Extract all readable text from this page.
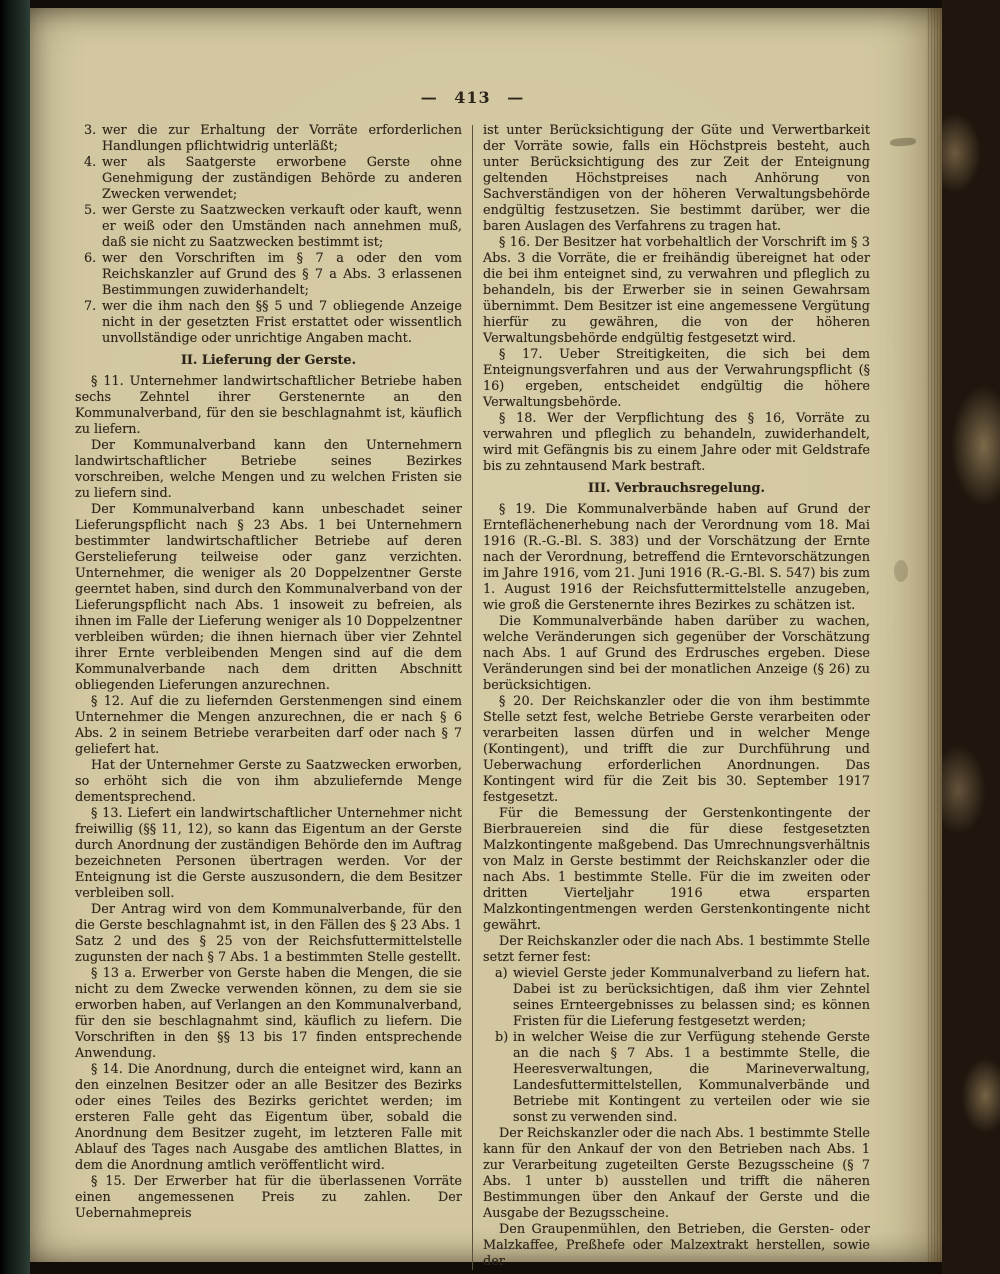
— 413 —
3. wer die zur Erhaltung der Vorräte erforderlichen Handlungen pflichtwidrig unterläßt;
4. wer als Saatgerste erworbene Gerste ohne Genehmigung der zuständigen Behörde zu anderen Zwecken verwendet;
5. wer Gerste zu Saatzwecken verkauft oder kauft, wenn er weiß oder den Umständen nach annehmen muß, daß sie nicht zu Saatzwecken bestimmt ist;
6. wer den Vorschriften im § 7 a oder den vom Reichskanzler auf Grund des § 7 a Abs. 3 erlassenen Bestimmungen zuwiderhandelt;
7. wer die ihm nach den §§ 5 und 7 obliegende Anzeige nicht in der gesetzten Frist erstattet oder wissentlich unvollständige oder unrichtige Angaben macht.
II. Lieferung der Gerste.

§ 11. Unternehmer landwirtschaftlicher Betriebe haben sechs Zehntel ihrer Gerstenernte an den Kommunalverband, für den sie beschlagnahmt ist, käuflich zu liefern.

Der Kommunalverband kann den Unternehmern landwirtschaftlicher Betriebe seines Bezirkes vorschreiben, welche Mengen und zu welchen Fristen sie zu liefern sind.

Der Kommunalverband kann unbeschadet seiner Lieferungspflicht nach § 23 Abs. 1 bei Unternehmern bestimmter landwirtschaftlicher Betriebe auf deren Gerstelieferung teilweise oder ganz verzichten. Unternehmer, die weniger als 20 Doppelzentner Gerste geerntet haben, sind durch den Kommunalverband von der Lieferungspflicht nach Abs. 1 insoweit zu befreien, als ihnen im Falle der Lieferung weniger als 10 Doppelzentner verbleiben würden; die ihnen hiernach über vier Zehntel ihrer Ernte verbleibenden Mengen sind auf die dem Kommunalverbande nach dem dritten Abschnitt obliegenden Lieferungen anzurechnen.

§ 12. Auf die zu liefernden Gerstenmengen sind einem Unternehmer die Mengen anzurechnen, die er nach § 6 Abs. 2 in seinem Betriebe verarbeiten darf oder nach § 7 geliefert hat.

Hat der Unternehmer Gerste zu Saatzwecken erworben, so erhöht sich die von ihm abzuliefernde Menge dementsprechend.

§ 13. Liefert ein landwirtschaftlicher Unternehmer nicht freiwillig (§§ 11, 12), so kann das Eigentum an der Gerste durch Anordnung der zuständigen Behörde den im Auftrag bezeichneten Personen übertragen werden. Vor der Enteignung ist die Gerste auszusondern, die dem Besitzer verbleiben soll.

Der Antrag wird von dem Kommunalverbande, für den die Gerste beschlagnahmt ist, in den Fällen des § 23 Abs. 1 Satz 2 und des § 25 von der Reichsfuttermittelstelle zugunsten der nach § 7 Abs. 1 a bestimmten Stelle gestellt.

§ 13 a. Erwerber von Gerste haben die Mengen, die sie nicht zu dem Zwecke verwenden können, zu dem sie sie erworben haben, auf Verlangen an den Kommunalverband, für den sie beschlagnahmt sind, käuflich zu liefern. Die Vorschriften in den §§ 13 bis 17 finden entsprechende Anwendung.

§ 14. Die Anordnung, durch die enteignet wird, kann an den einzelnen Besitzer oder an alle Besitzer des Bezirks oder eines Teiles des Bezirks gerichtet werden; im ersteren Falle geht das Eigentum über, sobald die Anordnung dem Besitzer zugeht, im letzteren Falle mit Ablauf des Tages nach Ausgabe des amtlichen Blattes, in dem die Anordnung amtlich veröffentlicht wird.

§ 15. Der Erwerber hat für die überlassenen Vorräte einen angemessenen Preis zu zahlen. Der Uebernahmepreis

ist unter Berücksichtigung der Güte und Verwertbarkeit der Vorräte sowie, falls ein Höchstpreis besteht, auch unter Berücksichtigung des zur Zeit der Enteignung geltenden Höchstpreises nach Anhörung von Sachverständigen von der höheren Verwaltungsbehörde endgültig festzusetzen. Sie bestimmt darüber, wer die baren Auslagen des Verfahrens zu tragen hat.

§ 16. Der Besitzer hat vorbehaltlich der Vorschrift im § 3 Abs. 3 die Vorräte, die er freihändig übereignet hat oder die bei ihm enteignet sind, zu verwahren und pfleglich zu behandeln, bis der Erwerber sie in seinen Gewahrsam übernimmt. Dem Besitzer ist eine angemessene Vergütung hierfür zu gewähren, die von der höheren Verwaltungsbehörde endgültig festgesetzt wird.

§ 17. Ueber Streitigkeiten, die sich bei dem Enteignungsverfahren und aus der Verwahrungspflicht (§ 16) ergeben, entscheidet endgültig die höhere Verwaltungsbehörde.

§ 18. Wer der Verpflichtung des § 16, Vorräte zu verwahren und pfleglich zu behandeln, zuwiderhandelt, wird mit Gefängnis bis zu einem Jahre oder mit Geldstrafe bis zu zehntausend Mark bestraft.

III. Verbrauchsregelung.

§ 19. Die Kommunalverbände haben auf Grund der Ernteflächenerhebung nach der Verordnung vom 18. Mai 1916 (R.-G.-Bl. S. 383) und der Vorschätzung der Ernte nach der Verordnung, betreffend die Erntevorschätzungen im Jahre 1916, vom 21. Juni 1916 (R.-G.-Bl. S. 547) bis zum 1. August 1916 der Reichsfuttermittelstelle anzugeben, wie groß die Gerstenernte ihres Bezirkes zu schätzen ist.

Die Kommunalverbände haben darüber zu wachen, welche Veränderungen sich gegenüber der Vorschätzung nach Abs. 1 auf Grund des Erdrusches ergeben. Diese Veränderungen sind bei der monatlichen Anzeige (§ 26) zu berücksichtigen.

§ 20. Der Reichskanzler oder die von ihm bestimmte Stelle setzt fest, welche Betriebe Gerste verarbeiten oder verarbeiten lassen dürfen und in welcher Menge (Kontingent), und trifft die zur Durchführung und Ueberwachung erforderlichen Anordnungen. Das Kontingent wird für die Zeit bis 30. September 1917 festgesetzt.

Für die Bemessung der Gerstenkontingente der Bierbrauereien sind die für diese festgesetzten Malzkontingente maßgebend. Das Umrechnungsverhältnis von Malz in Gerste bestimmt der Reichskanzler oder die nach Abs. 1 bestimmte Stelle. Für die im zweiten oder dritten Vierteljahr 1916 etwa ersparten Malzkontingentmengen werden Gerstenkontingente nicht gewährt.

Der Reichskanzler oder die nach Abs. 1 bestimmte Stelle setzt ferner fest:

a) wieviel Gerste jeder Kommunalverband zu liefern hat. Dabei ist zu berücksichtigen, daß ihm vier Zehntel seines Ernteergebnisses zu belassen sind; es können Fristen für die Lieferung festgesetzt werden;
b) in welcher Weise die zur Verfügung stehende Gerste an die nach § 7 Abs. 1 a bestimmte Stelle, die Heeresverwaltungen, die Marineverwaltung, Landesfuttermittelstellen, Kommunalverbände und Betriebe mit Kontingent zu verteilen oder wie sie sonst zu verwenden sind.

Der Reichskanzler oder die nach Abs. 1 bestimmte Stelle kann für den Ankauf der von den Betrieben nach Abs. 1 zur Verarbeitung zugeteilten Gerste Bezugsscheine (§ 7 Abs. 1 unter b) ausstellen und trifft die näheren Bestimmungen über den Ankauf der Gerste und die Ausgabe der Bezugsscheine.

Den Graupenmühlen, den Betrieben, die Gersten- oder Malzkaffee, Preßhefe oder Malzextrakt herstellen, sowie der
